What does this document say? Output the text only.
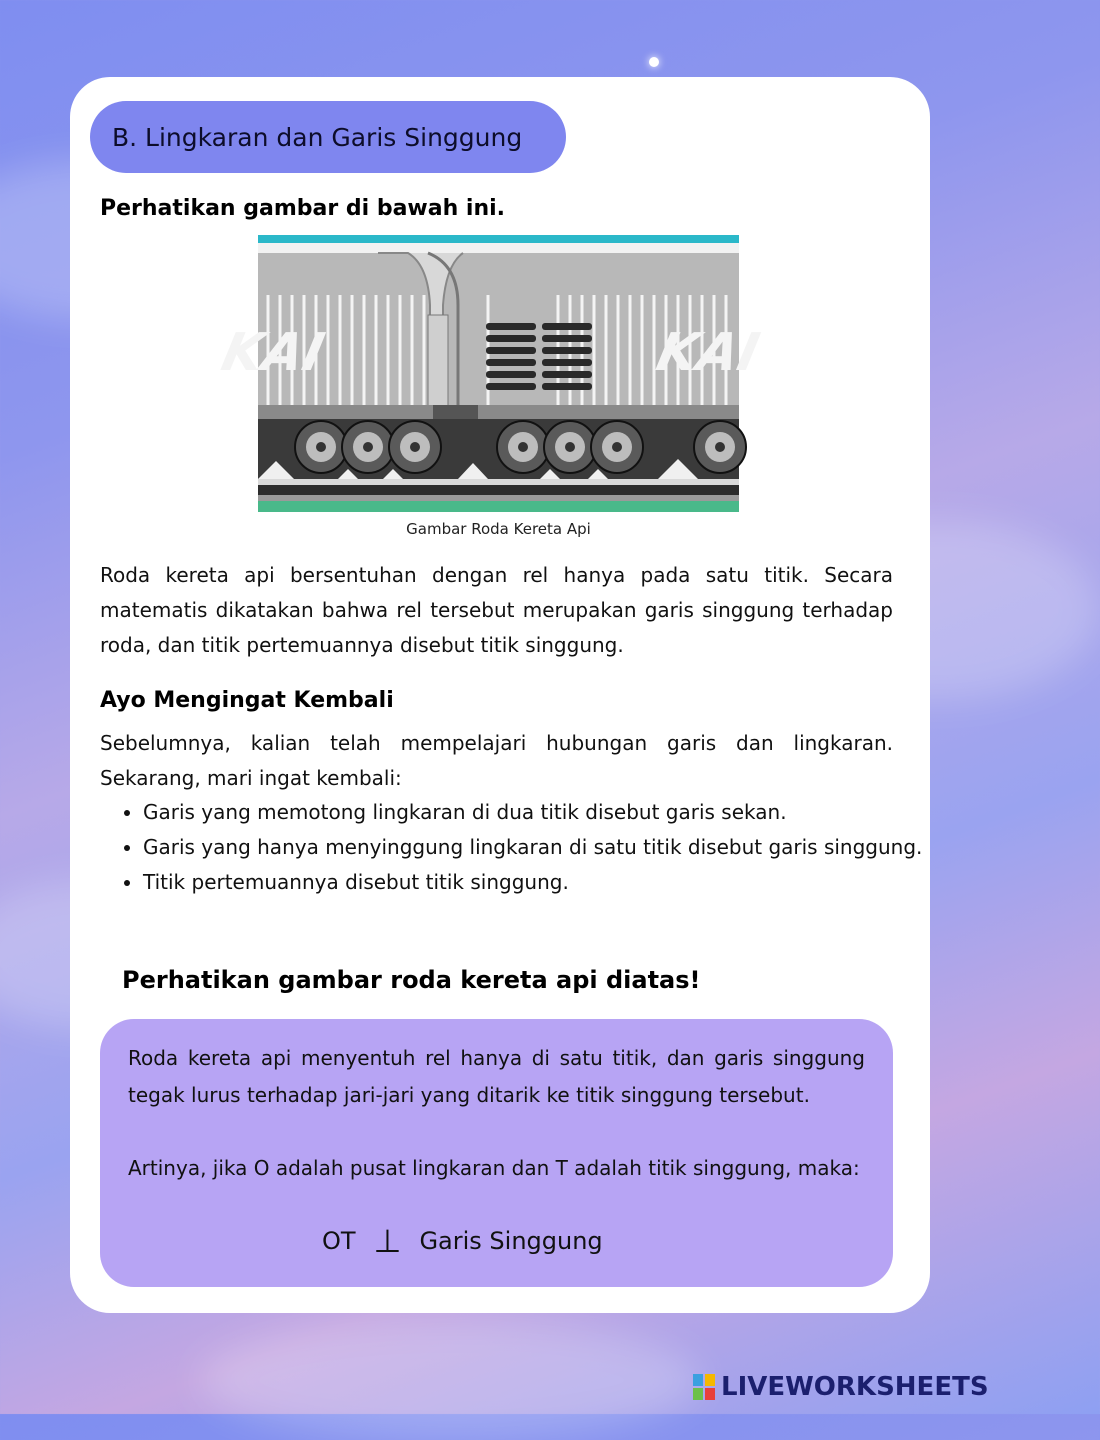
B. Lingkaran dan Garis Singgung
Perhatikan gambar di bawah ini.
KAI	KAI
Gambar Roda Kereta Api

Roda kereta api bersentuhan dengan rel hanya pada satu titik. Secara matematis dikatakan bahwa rel tersebut merupakan garis singgung terhadap roda, dan titik pertemuannya disebut titik singgung.

Ayo Mengingat Kembali

Sebelumnya, kalian telah mempelajari hubungan garis dan lingkaran. Sekarang, mari ingat kembali:

• Garis yang memotong lingkaran di dua titik disebut garis sekan.
• Garis yang hanya menyinggung lingkaran di satu titik disebut garis singgung.
• Titik pertemuannya disebut titik singgung.
Perhatikan gambar roda kereta api diatas!

Roda kereta api menyentuh rel hanya di satu titik, dan garis singgung tegak lurus terhadap jari-jari yang ditarik ke titik singgung tersebut.

Artinya, jika O adalah pusat lingkaran dan T adalah titik singgung, maka:

OT ⊥ Garis Singgung
LIVEWORKSHEETS
